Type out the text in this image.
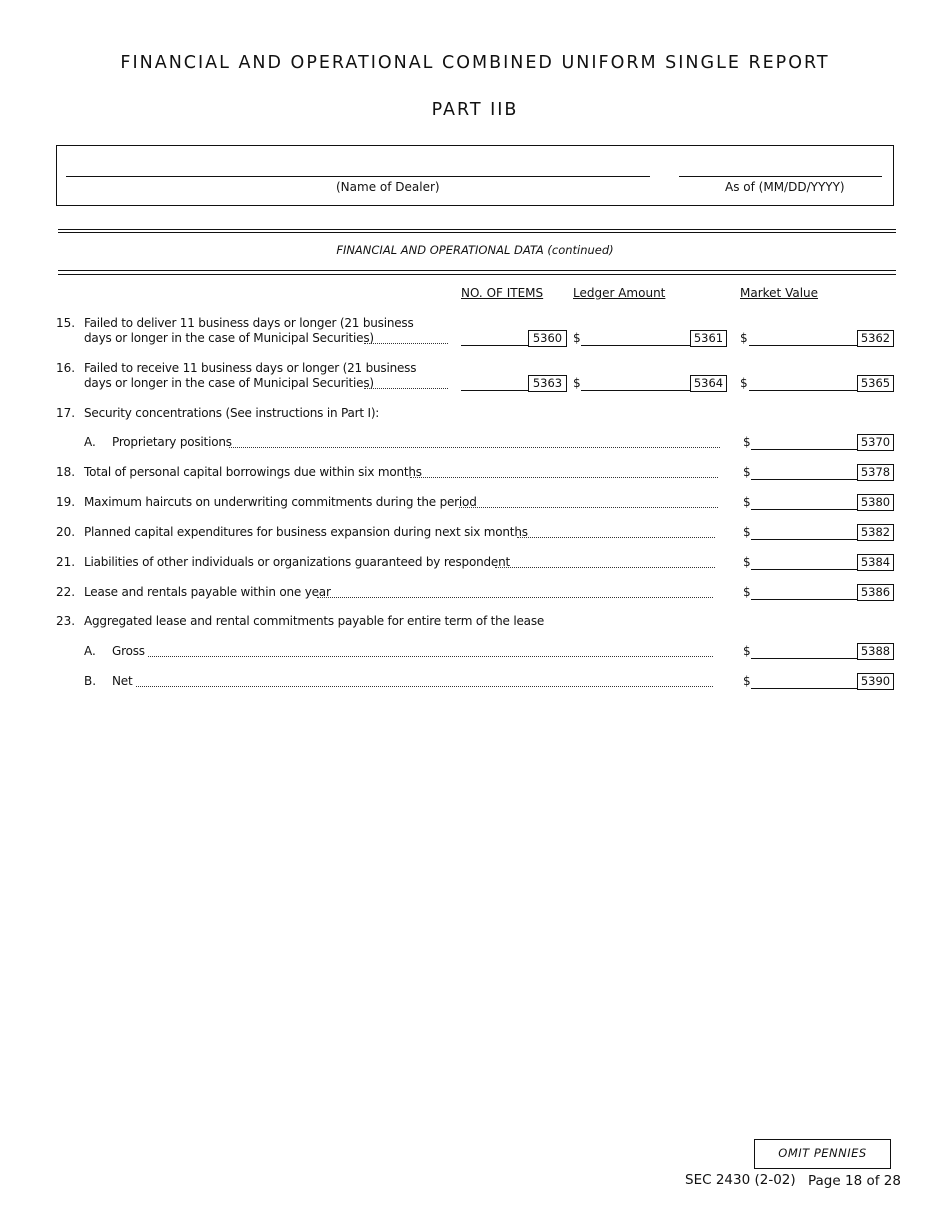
FINANCIAL AND OPERATIONAL COMBINED UNIFORM SINGLE REPORT
PART IIB
(Name of Dealer)	As of (MM/DD/YYYY)
FINANCIAL AND OPERATIONAL DATA (continued)
NO. OF ITEMS Ledger Amount	Market Value
15. Failed to deliver 11 business days or longer (21 business
days or longer in the case of Municipal Securities)	5360 $	5361	$	5362
16. Failed to receive 11 business days or longer (21 business
days or longer in the case of Municipal Securities)	5363 $	5364	$	5365
17. Security concentrations (See instructions in Part I):
A. Proprietary positions	$	5370
18. Total of personal capital borrowings due within six months	$	5378
19. Maximum haircuts on underwriting commitments during the period	$	5380
20. Planned capital expenditures for business expansion during next six months	$	5382
21. Liabilities of other individuals or organizations guaranteed by respondent	$	5384
22. Lease and rentals payable within one year	$	5386
23. Aggregated lease and rental commitments payable for entire term of the lease
A. Gross	$	5388
B. Net	$	5390
OMIT PENNIES
SEC 2430 (2-02) Page 18 of 28
